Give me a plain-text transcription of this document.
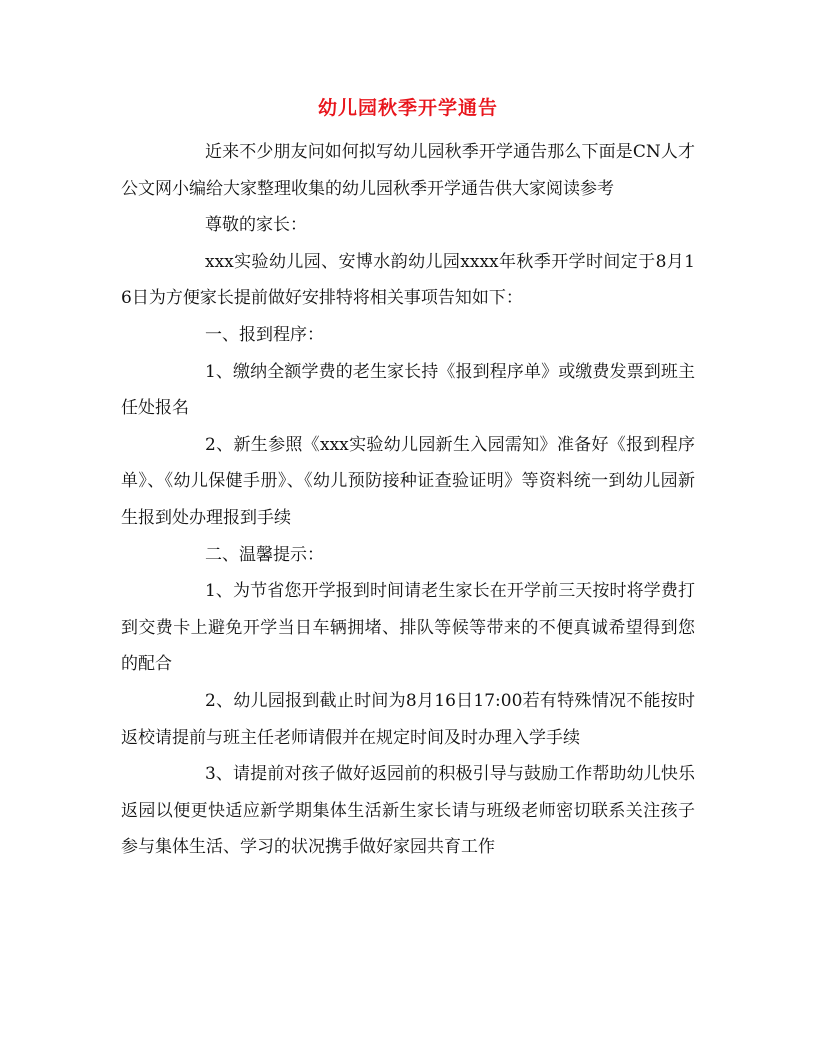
幼儿园秋季开学通告

近来不少朋友问如何拟写幼儿园秋季开学通告那么下面是CN人才公文网小编给大家整理收集的幼儿园秋季开学通告供大家阅读参考

尊敬的家长：

xxx实验幼儿园、安博水韵幼儿园xxxx年秋季开学时间定于8月16日为方便家长提前做好安排特将相关事项告知如下：

一、报到程序：

1、缴纳全额学费的老生家长持《报到程序单》或缴费发票到班主任处报名

2、新生参照《xxx实验幼儿园新生入园需知》准备好《报到程序单》、《幼儿保健手册》、《幼儿预防接种证查验证明》等资料统一到幼儿园新生报到处办理报到手续

二、温馨提示：

1、为节省您开学报到时间请老生家长在开学前三天按时将学费打到交费卡上避免开学当日车辆拥堵、排队等候等带来的不便真诚希望得到您的配合

2、幼儿园报到截止时间为8月16日17:00若有特殊情况不能按时返校请提前与班主任老师请假并在规定时间及时办理入学手续

3、请提前对孩子做好返园前的积极引导与鼓励工作帮助幼儿快乐返园以便更快适应新学期集体生活新生家长请与班级老师密切联系关注孩子参与集体生活、学习的状况携手做好家园共育工作
